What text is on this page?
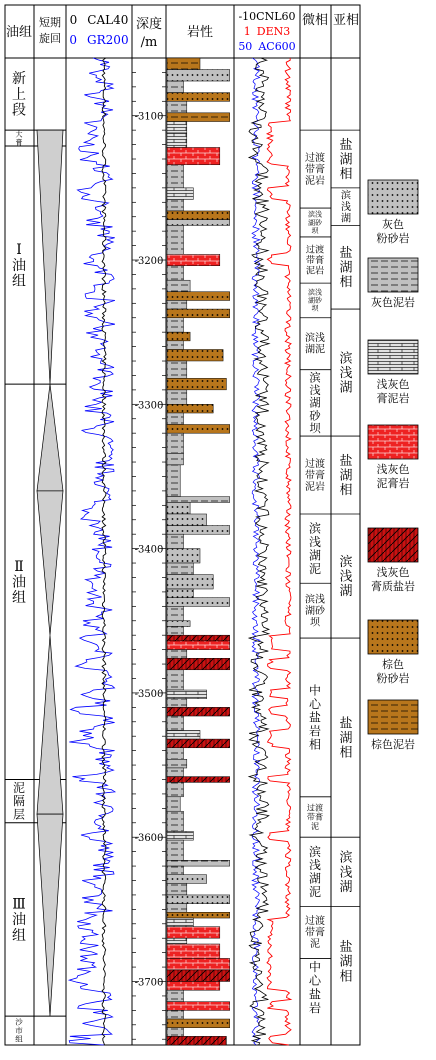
油组
短期旋回
0 CAL40
0 GR200
深度
/m
岩性
-10CNL60
1 DEN3
50 AC600
微相 亚相
新上段
大膏
Ⅰ 油组
Ⅱ 油组
泥隔层
Ⅲ 油组
沙市组
-3100
-3200
-3300
-3400
-3500
-3600
-3700
过渡带膏泥岩
滨浅湖砂坝
过渡带膏泥岩
滨浅湖砂坝
滨浅湖泥
滨浅湖砂坝
过渡带膏泥岩
滨浅湖泥
滨浅湖砂坝
中心盐岩相
过渡带膏泥
滨浅湖泥
过渡带膏泥
中心盐岩
盐湖相
滨浅湖
盐湖相
滨浅湖
盐湖相
滨浅湖
盐湖相
滨浅湖
盐湖相
灰色粉砂岩
灰色泥岩
浅灰色膏泥岩
浅灰色泥膏岩
浅灰色膏质盐岩
棕色粉砂岩
棕色泥岩
